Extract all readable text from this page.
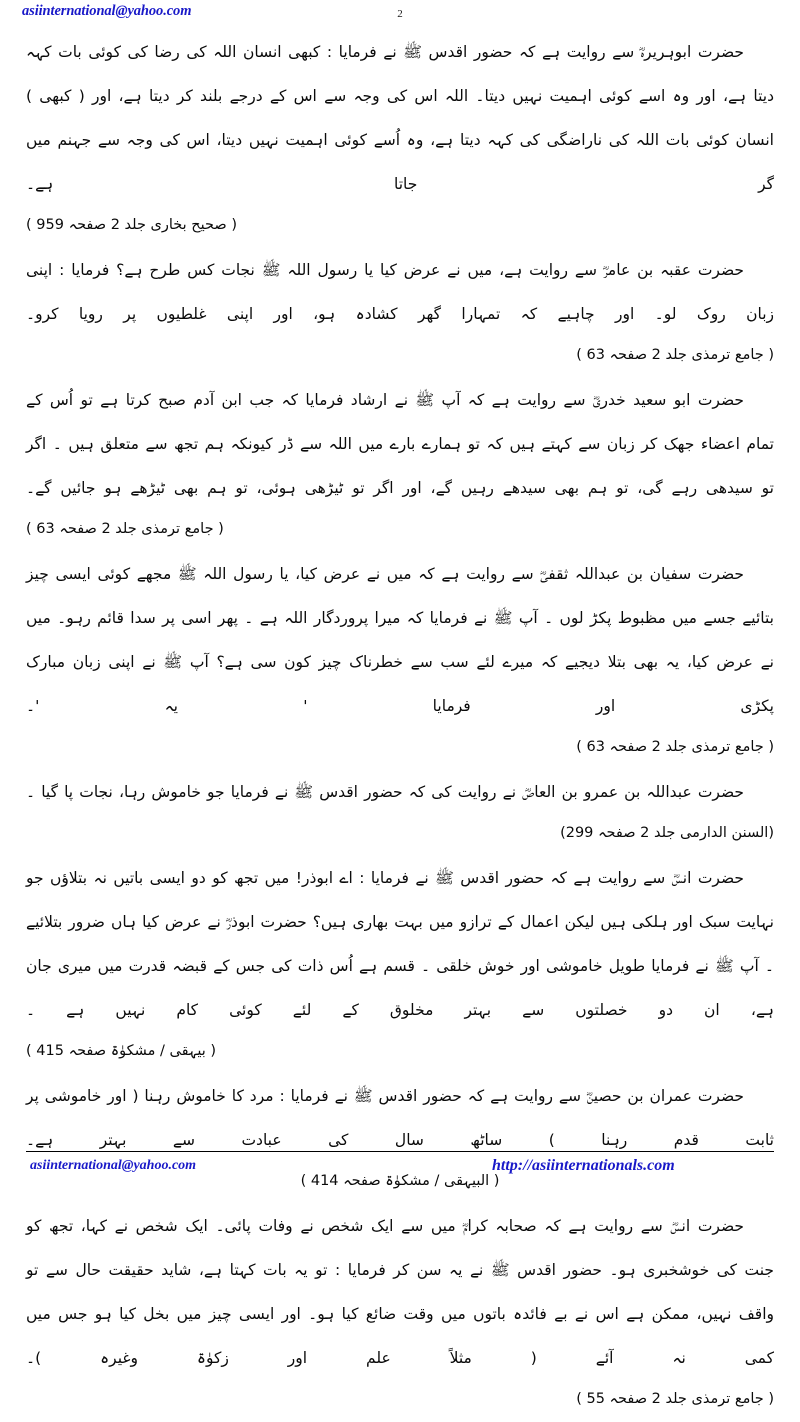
asiinternational@yahoo.com	2
حضرت ابوہریرہؓ سے روایت ہے کہ حضور اقدس ﷺ نے فرمایا : کبھی انسان اللہ کی رضا کی کوئی بات کہہ دیتا ہے، اور وہ اسے کوئی اہمیت نہیں دیتا۔ اللہ اس کی وجہ سے اس کے درجے بلند کر دیتا ہے، اور ( کبھی ) انسان کوئی بات اللہ کی ناراضگی کی کہہ دیتا ہے، وہ اُسے کوئی اہمیت نہیں دیتا، اس کی وجہ سے جہنم میں گر جاتا ہے۔
( صحیح بخاری جلد 2 صفحہ 959 )
حضرت عقبہ بن عامرؓ سے روایت ہے، میں نے عرض کیا یا رسول اللہ ﷺ نجات کس طرح ہے؟ فرمایا : اپنی زبان روک لو۔ اور چاہیے کہ تمہارا گھر کشادہ ہو، اور اپنی غلطیوں پر رویا کرو۔
( جامع ترمذی جلد 2 صفحہ 63 )
حضرت ابو سعید خدریؓ سے روایت ہے کہ آپ ﷺ نے ارشاد فرمایا کہ جب ابن آدم صبح کرتا ہے تو اُس کے تمام اعضاء جھک کر زبان سے کہتے ہیں کہ تو ہمارے بارے میں اللہ سے ڈر کیونکہ ہم تجھ سے متعلق ہیں ۔ اگر تو سیدھی رہے گی، تو ہم بھی سیدھے رہیں گے، اور اگر تو ٹیڑھی ہوئی، تو ہم بھی ٹیڑھے ہو جائیں گے۔
( جامع ترمذی جلد 2 صفحہ 63 )
حضرت سفیان بن عبداللہ ثقفیؓ سے روایت ہے کہ میں نے عرض کیا، یا رسول اللہ ﷺ مجھے کوئی ایسی چیز بتائیے جسے میں مظبوط پکڑ لوں ۔ آپ ﷺ نے فرمایا کہ میرا پروردگار اللہ ہے ۔ پھر اسی پر سدا قائم رہو۔ میں نے عرض کیا، یہ بھی بتلا دیجیے کہ میرے لئے سب سے خطرناک چیز کون سی ہے؟ آپ ﷺ نے اپنی زبان مبارک پکڑی اور فرمایا ' یہ '۔
( جامع ترمذی جلد 2 صفحہ 63 )
حضرت عبداللہ بن عمرو بن العاصؓ نے روایت کی کہ حضور اقدس ﷺ نے فرمایا جو خاموش رہا، نجات پا گیا ۔
(السنن الدارمی جلد 2 صفحہ 299)
حضرت انسؓ سے روایت ہے کہ حضور اقدس ﷺ نے فرمایا : اے ابوذر! میں تجھ کو دو ایسی باتیں نہ بتلاؤں جو نہایت سبک اور ہلکی ہیں لیکن اعمال کے ترازو میں بہت بھاری ہیں؟ حضرت ابوذرؓ نے عرض کیا ہاں ضرور بتلائیے ۔ آپ ﷺ نے فرمایا طویل خاموشی اور خوش خلقی ۔ قسم ہے اُس ذات کی جس کے قبضہ قدرت میں میری جان ہے، ان دو خصلتوں سے بہتر مخلوق کے لئے کوئی کام نہیں ہے ۔
( بیہقی / مشکوٰۃ صفحہ 415 )
حضرت عمران بن حصینؓ سے روایت ہے کہ حضور اقدس ﷺ نے فرمایا : مرد کا خاموش رہنا ( اور خاموشی پر ثابت قدم رہنا ) ساٹھ سال کی عبادت سے بہتر ہے۔
( البیہقی / مشکوٰۃ صفحہ 414 )
حضرت انسؓ سے روایت ہے کہ صحابہ کرامؓ میں سے ایک شخص نے وفات پائی۔ ایک شخص نے کہا، تجھ کو جنت کی خوشخبری ہو۔ حضور اقدس ﷺ نے یہ سن کر فرمایا : تو یہ بات کہتا ہے، شاید حقیقت حال سے تو واقف نہیں، ممکن ہے اس نے بے فائدہ باتوں میں وقت ضائع کیا ہو۔ اور ایسی چیز میں بخل کیا ہو جس میں کمی نہ آئے ( مثلاً علم اور زکوٰۃ وغیرہ )۔
( جامع ترمذی جلد 2 صفحہ 55 )
asiinternational@yahoo.com	http://asiinternationals.com
